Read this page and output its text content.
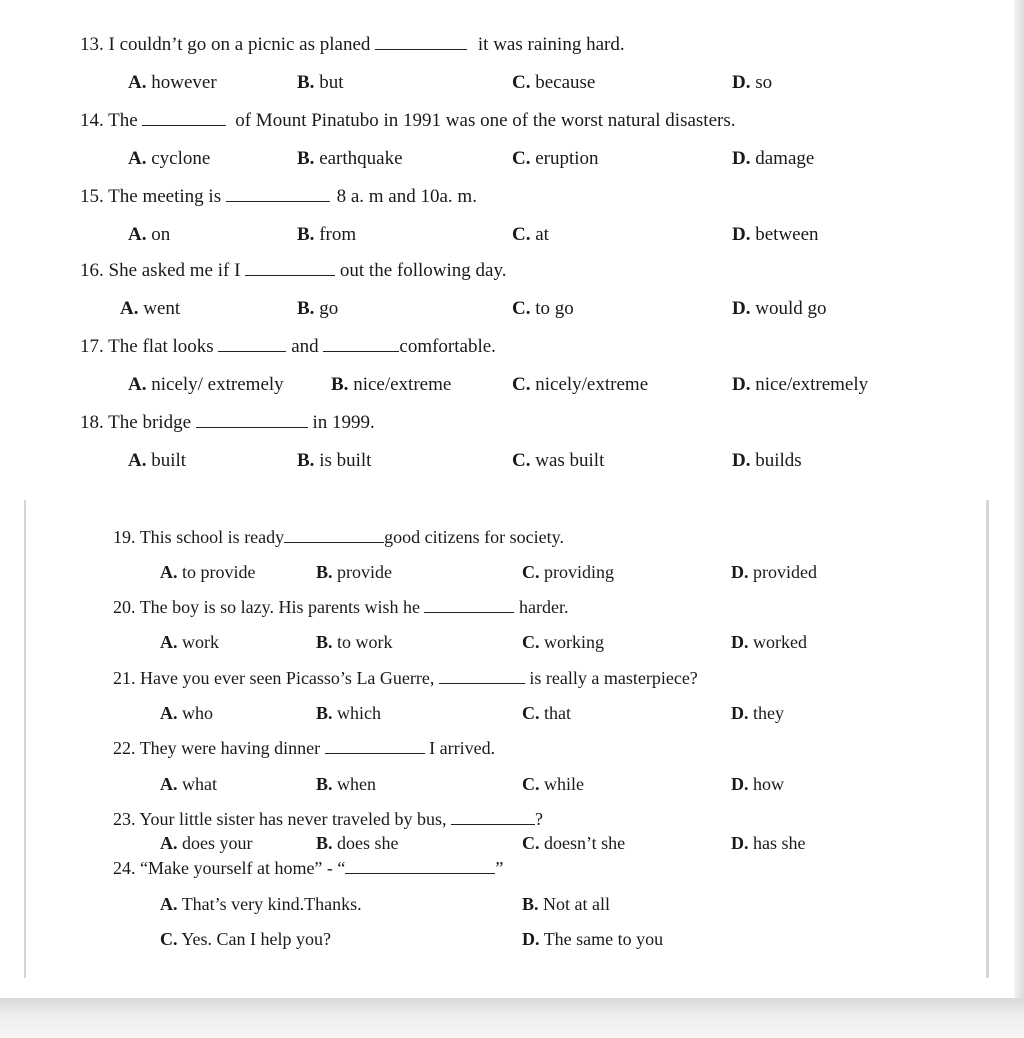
13. I couldn’t go on a picnic as planed	it was raining hard.
A. however	B. but	C. because	D. so
14. The	of Mount Pinatubo in 1991 was one of the worst natural disasters.
A. cyclone	B. earthquake	C. eruption	D. damage
15. The meeting is	8 a. m and 10a. m.
A. on	B. from	C. at	D. between
16. She asked me if I	out the following day.
A. went	B. go	C. to go	D. would go
17. The flat looks	and	comfortable.
A. nicely/ extremely B. nice/extreme	C. nicely/extreme	D. nice/extremely
18. The bridge	in 1999.
A. built	B. is built	C. was built	D. builds
19. This school is ready	good citizens for society.
A. to provide	B. provide	C. providing	D. provided
20. The boy is so lazy. His parents wish he	harder.
A. work	B. to work	C. working	D. worked
21. Have you ever seen Picasso’s La Guerre,	is really a masterpiece?
A. who	B. which	C. that	D. they
22. They were having dinner	I arrived.
A. what	B. when	C. while	D. how
23. Your little sister has never traveled by bus,	?
A. does your	B. does she	C. doesn’t she	D. has she
24. “Make yourself at home” - “	”
A. That’s very kind.Thanks.	B. Not at all
C. Yes. Can I help you?	D. The same to you
